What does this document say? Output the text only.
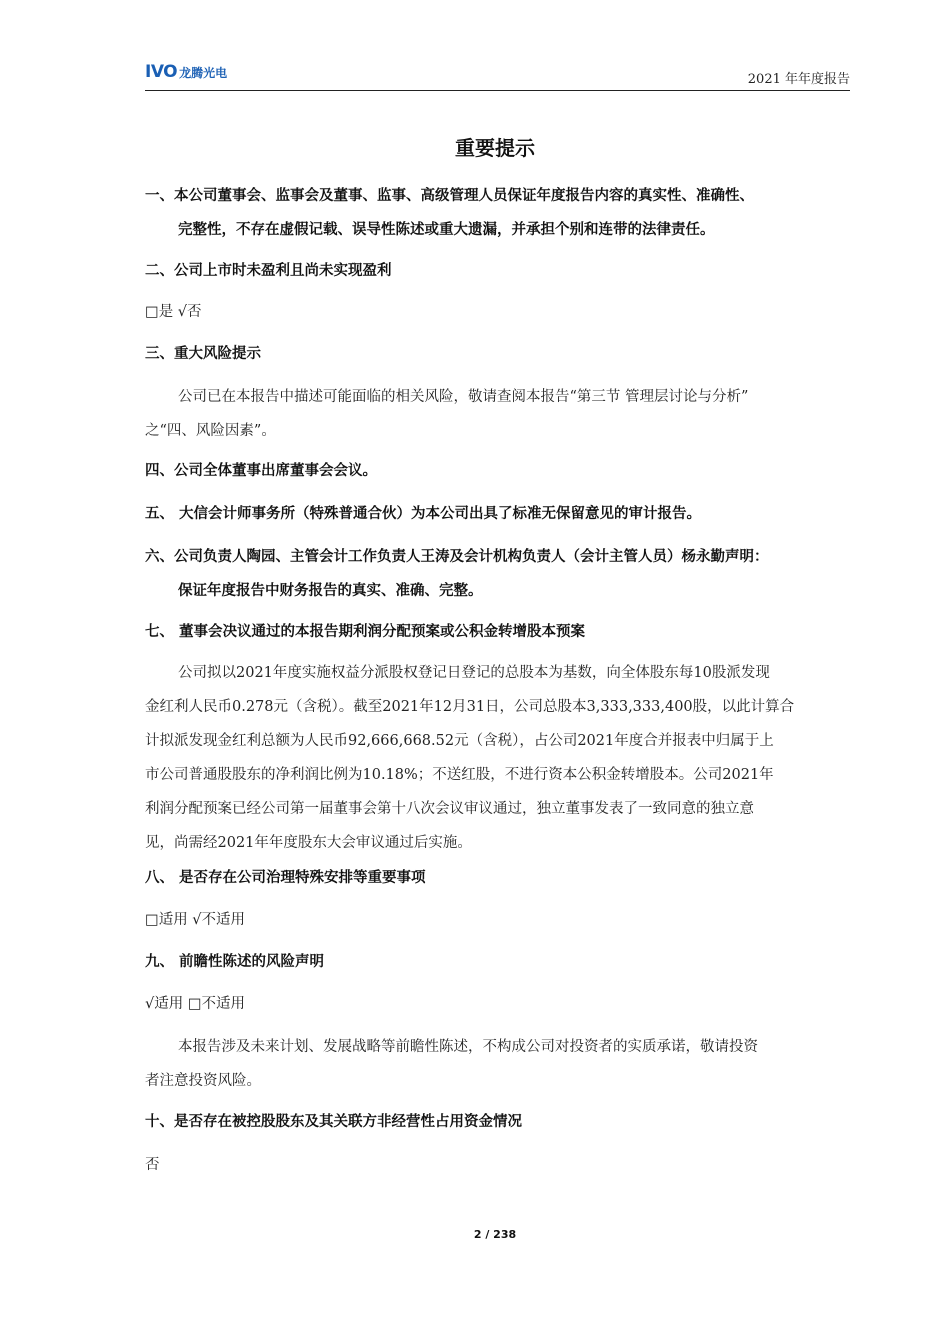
IVO 龙腾光电	2021 年年度报告
重要提示
一、本公司董事会、监事会及董事、监事、高级管理人员保证年度报告内容的真实性、准确性、
完整性，不存在虚假记载、误导性陈述或重大遗漏，并承担个别和连带的法律责任。
二、公司上市时未盈利且尚未实现盈利
□是 √否
三、重大风险提示
公司已在本报告中描述可能面临的相关风险，敬请查阅本报告“第三节 管理层讨论与分析”
之“四、风险因素”。
四、公司全体董事出席董事会会议。
五、 大信会计师事务所（特殊普通合伙）为本公司出具了标准无保留意见的审计报告。
六、公司负责人陶园、主管会计工作负责人王涛及会计机构负责人（会计主管人员）杨永勤声明：
保证年度报告中财务报告的真实、准确、完整。
七、 董事会决议通过的本报告期利润分配预案或公积金转增股本预案
公司拟以2021年度实施权益分派股权登记日登记的总股本为基数，向全体股东每10股派发现
金红利人民币0.278元（含税）。截至2021年12月31日，公司总股本3,333,333,400股，以此计算合
计拟派发现金红利总额为人民币92,666,668.52元（含税），占公司2021年度合并报表中归属于上
市公司普通股股东的净利润比例为10.18%；不送红股，不进行资本公积金转增股本。公司2021年
利润分配预案已经公司第一届董事会第十八次会议审议通过，独立董事发表了一致同意的独立意
见，尚需经2021年年度股东大会审议通过后实施。
八、 是否存在公司治理特殊安排等重要事项
□适用 √不适用
九、 前瞻性陈述的风险声明
√适用 □不适用
本报告涉及未来计划、发展战略等前瞻性陈述，不构成公司对投资者的实质承诺，敬请投资
者注意投资风险。
十、是否存在被控股股东及其关联方非经营性占用资金情况
否
2 / 238
